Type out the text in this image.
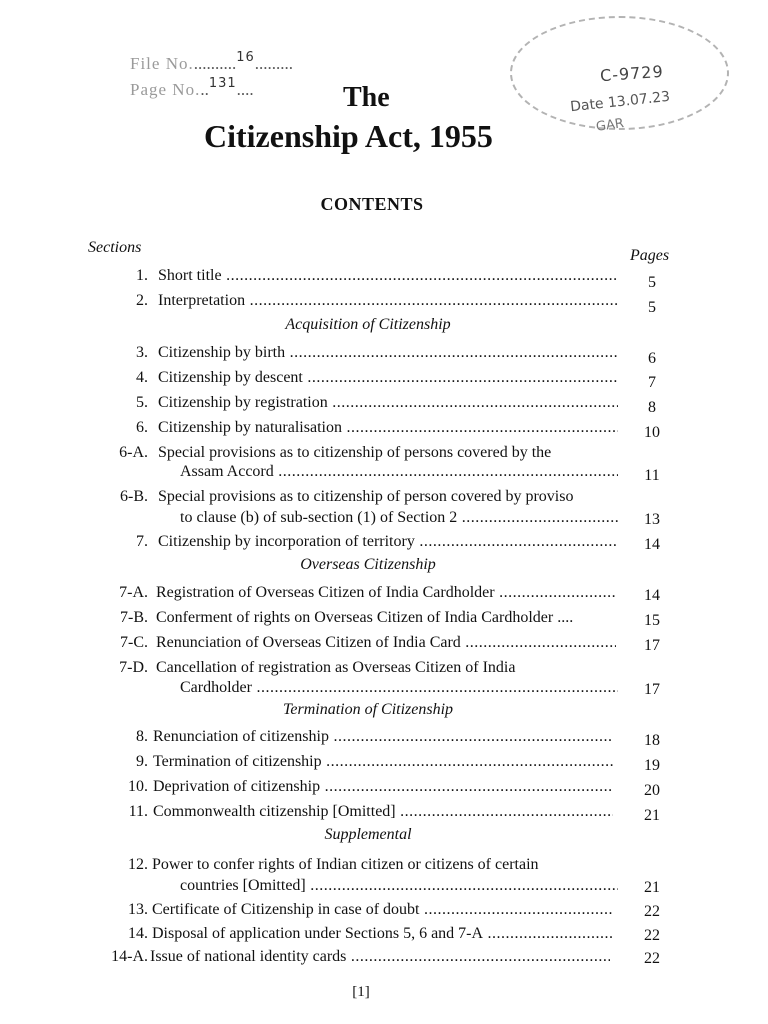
File No...........$^{16}$.........
Page No...$^{131}$....
C-9729
Date 13.07.23
GAR
The
Citizenship Act, 1955
CONTENTS
Sections	Pages
Acquisition of Citizenship
Overseas Citizenship
Termination of Citizenship
Supplemental
1. Short title .....	5
2. Interpretation .....	5
3. Citizenship by birth .....	6
4. Citizenship by descent .....	7
5. Citizenship by registration .....	8
6. Citizenship by naturalisation .....	10
6-A. Special provisions as to citizenship of persons covered by the
Assam Accord .....	11
6-B. Special provisions as to citizenship of person covered by proviso
to clause (b) of sub-section (1) of Section 2 .....	13
7. Citizenship by incorporation of territory .....	14
7-A. Registration of Overseas Citizen of India Cardholder .....	14
7-B. Conferment of rights on Overseas Citizen of India Cardholder ....	15
7-C. Renunciation of Overseas Citizen of India Card .....	17
7-D. Cancellation of registration as Overseas Citizen of India
Cardholder .....	17
8. Renunciation of citizenship .....	18
9. Termination of citizenship .....	19
10. Deprivation of citizenship .....	20
11. Commonwealth citizenship [Omitted] .....	21
12. Power to confer rights of Indian citizen or citizens of certain
countries [Omitted] .....	21
13. Certificate of Citizenship in case of doubt .....	22
14. Disposal of application under Sections 5, 6 and 7-A .....	22
14-A. Issue of national identity cards .....	22
[1]
